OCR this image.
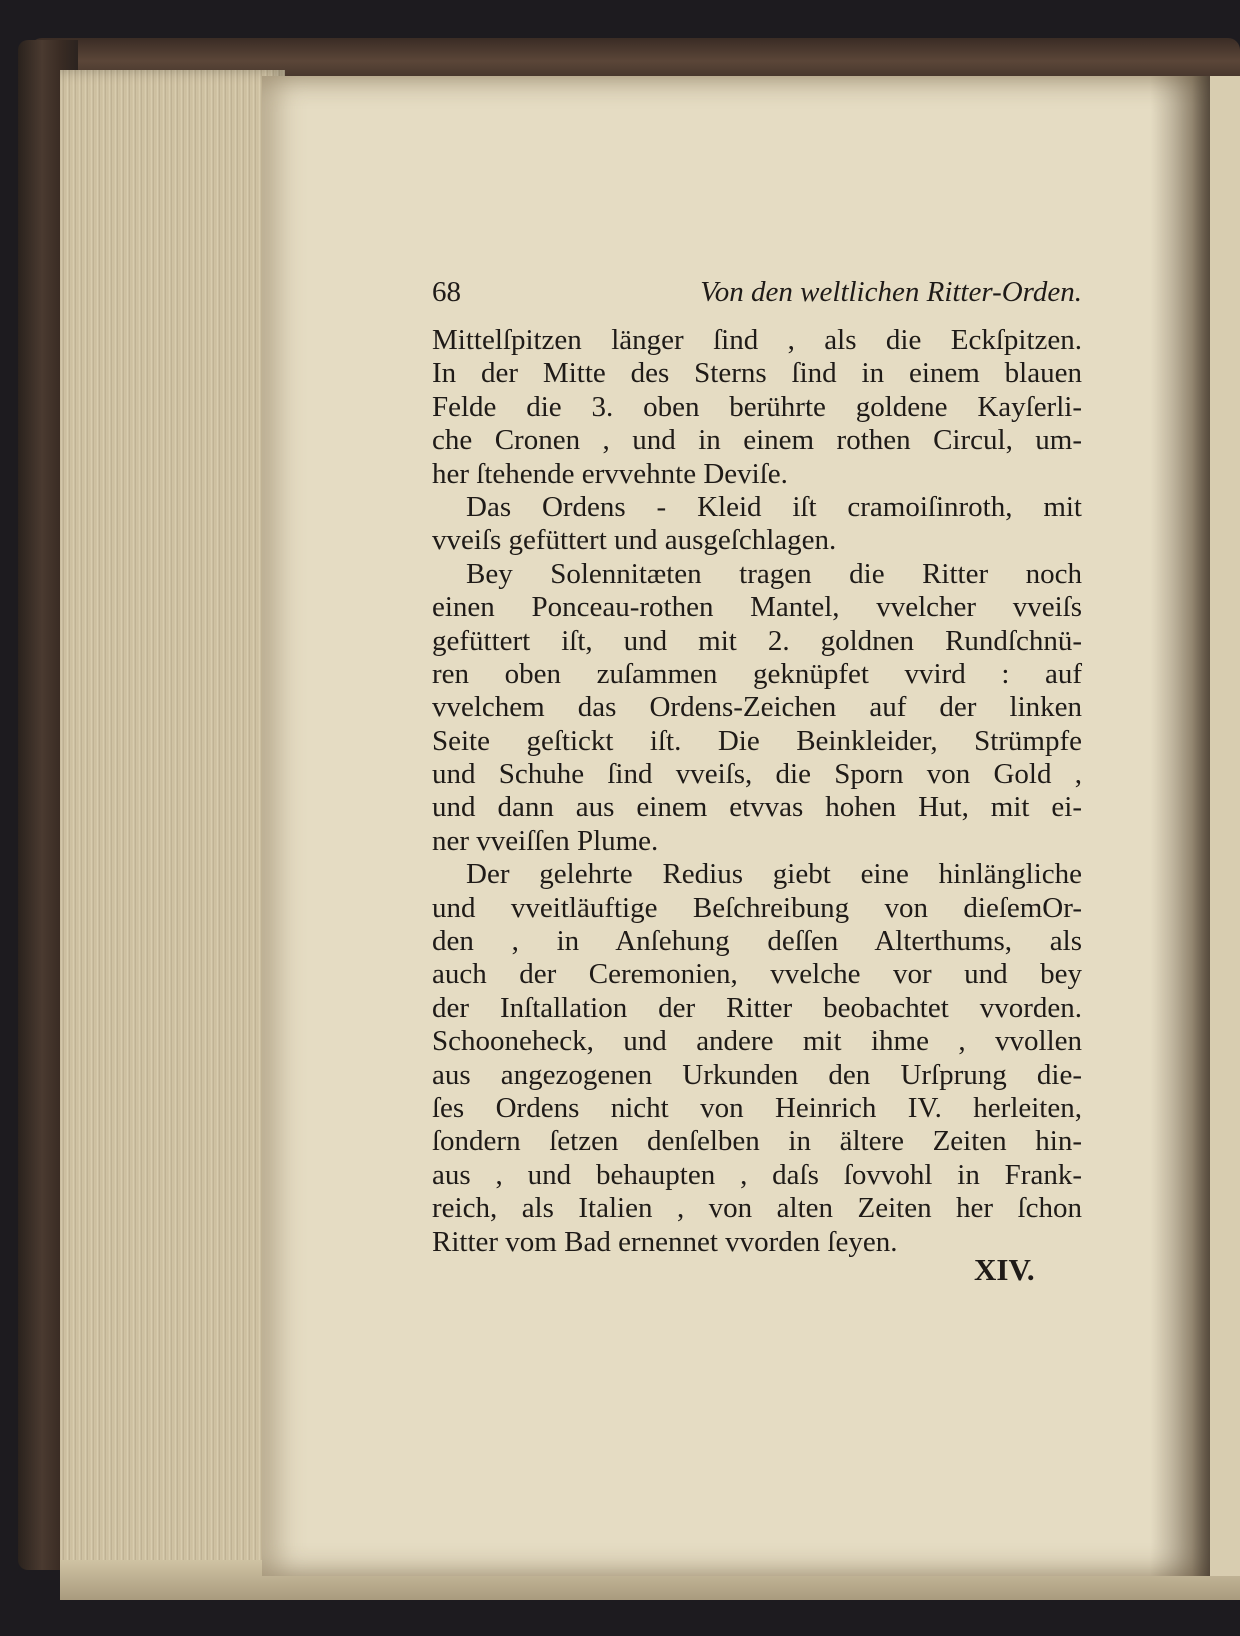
68	Von den weltlichen Ritter-Orden.
Mittelſpitzen länger ſind , als die Eckſpitzen.
In der Mitte des Sterns ſind in einem blauen
Felde die 3. oben berührte goldene Kayſerli-
che Cronen , und in einem rothen Circul, um-
her ſtehende ervvehnte Deviſe.
Das Ordens - Kleid iſt cramoiſinroth, mit
vveiſs gefüttert und ausgeſchlagen.
Bey Solennitæten tragen die Ritter noch
einen Ponceau-rothen Mantel, vvelcher vveiſs
gefüttert iſt, und mit 2. goldnen Rundſchnü-
ren oben zuſammen geknüpfet vvird : auf
vvelchem das Ordens-Zeichen auf der linken
Seite geſtickt iſt. Die Beinkleider, Strümpfe
und Schuhe ſind vveiſs, die Sporn von Gold ,
und dann aus einem etvvas hohen Hut, mit ei-
ner vveiſſen Plume.
Der gelehrte Redius giebt eine hinlängliche
und vveitläuftige Beſchreibung von dieſemOr-
den , in Anſehung deſſen Alterthums, als
auch der Ceremonien, vvelche vor und bey
der Inſtallation der Ritter beobachtet vvorden.
Schooneheck, und andere mit ihme , vvollen
aus angezogenen Urkunden den Urſprung die-
ſes Ordens nicht von Heinrich IV. herleiten,
ſondern ſetzen denſelben in ältere Zeiten hin-
aus , und behaupten , daſs ſovvohl in Frank-
reich, als Italien , von alten Zeiten her ſchon
Ritter vom Bad ernennet vvorden ſeyen.
XIV.
